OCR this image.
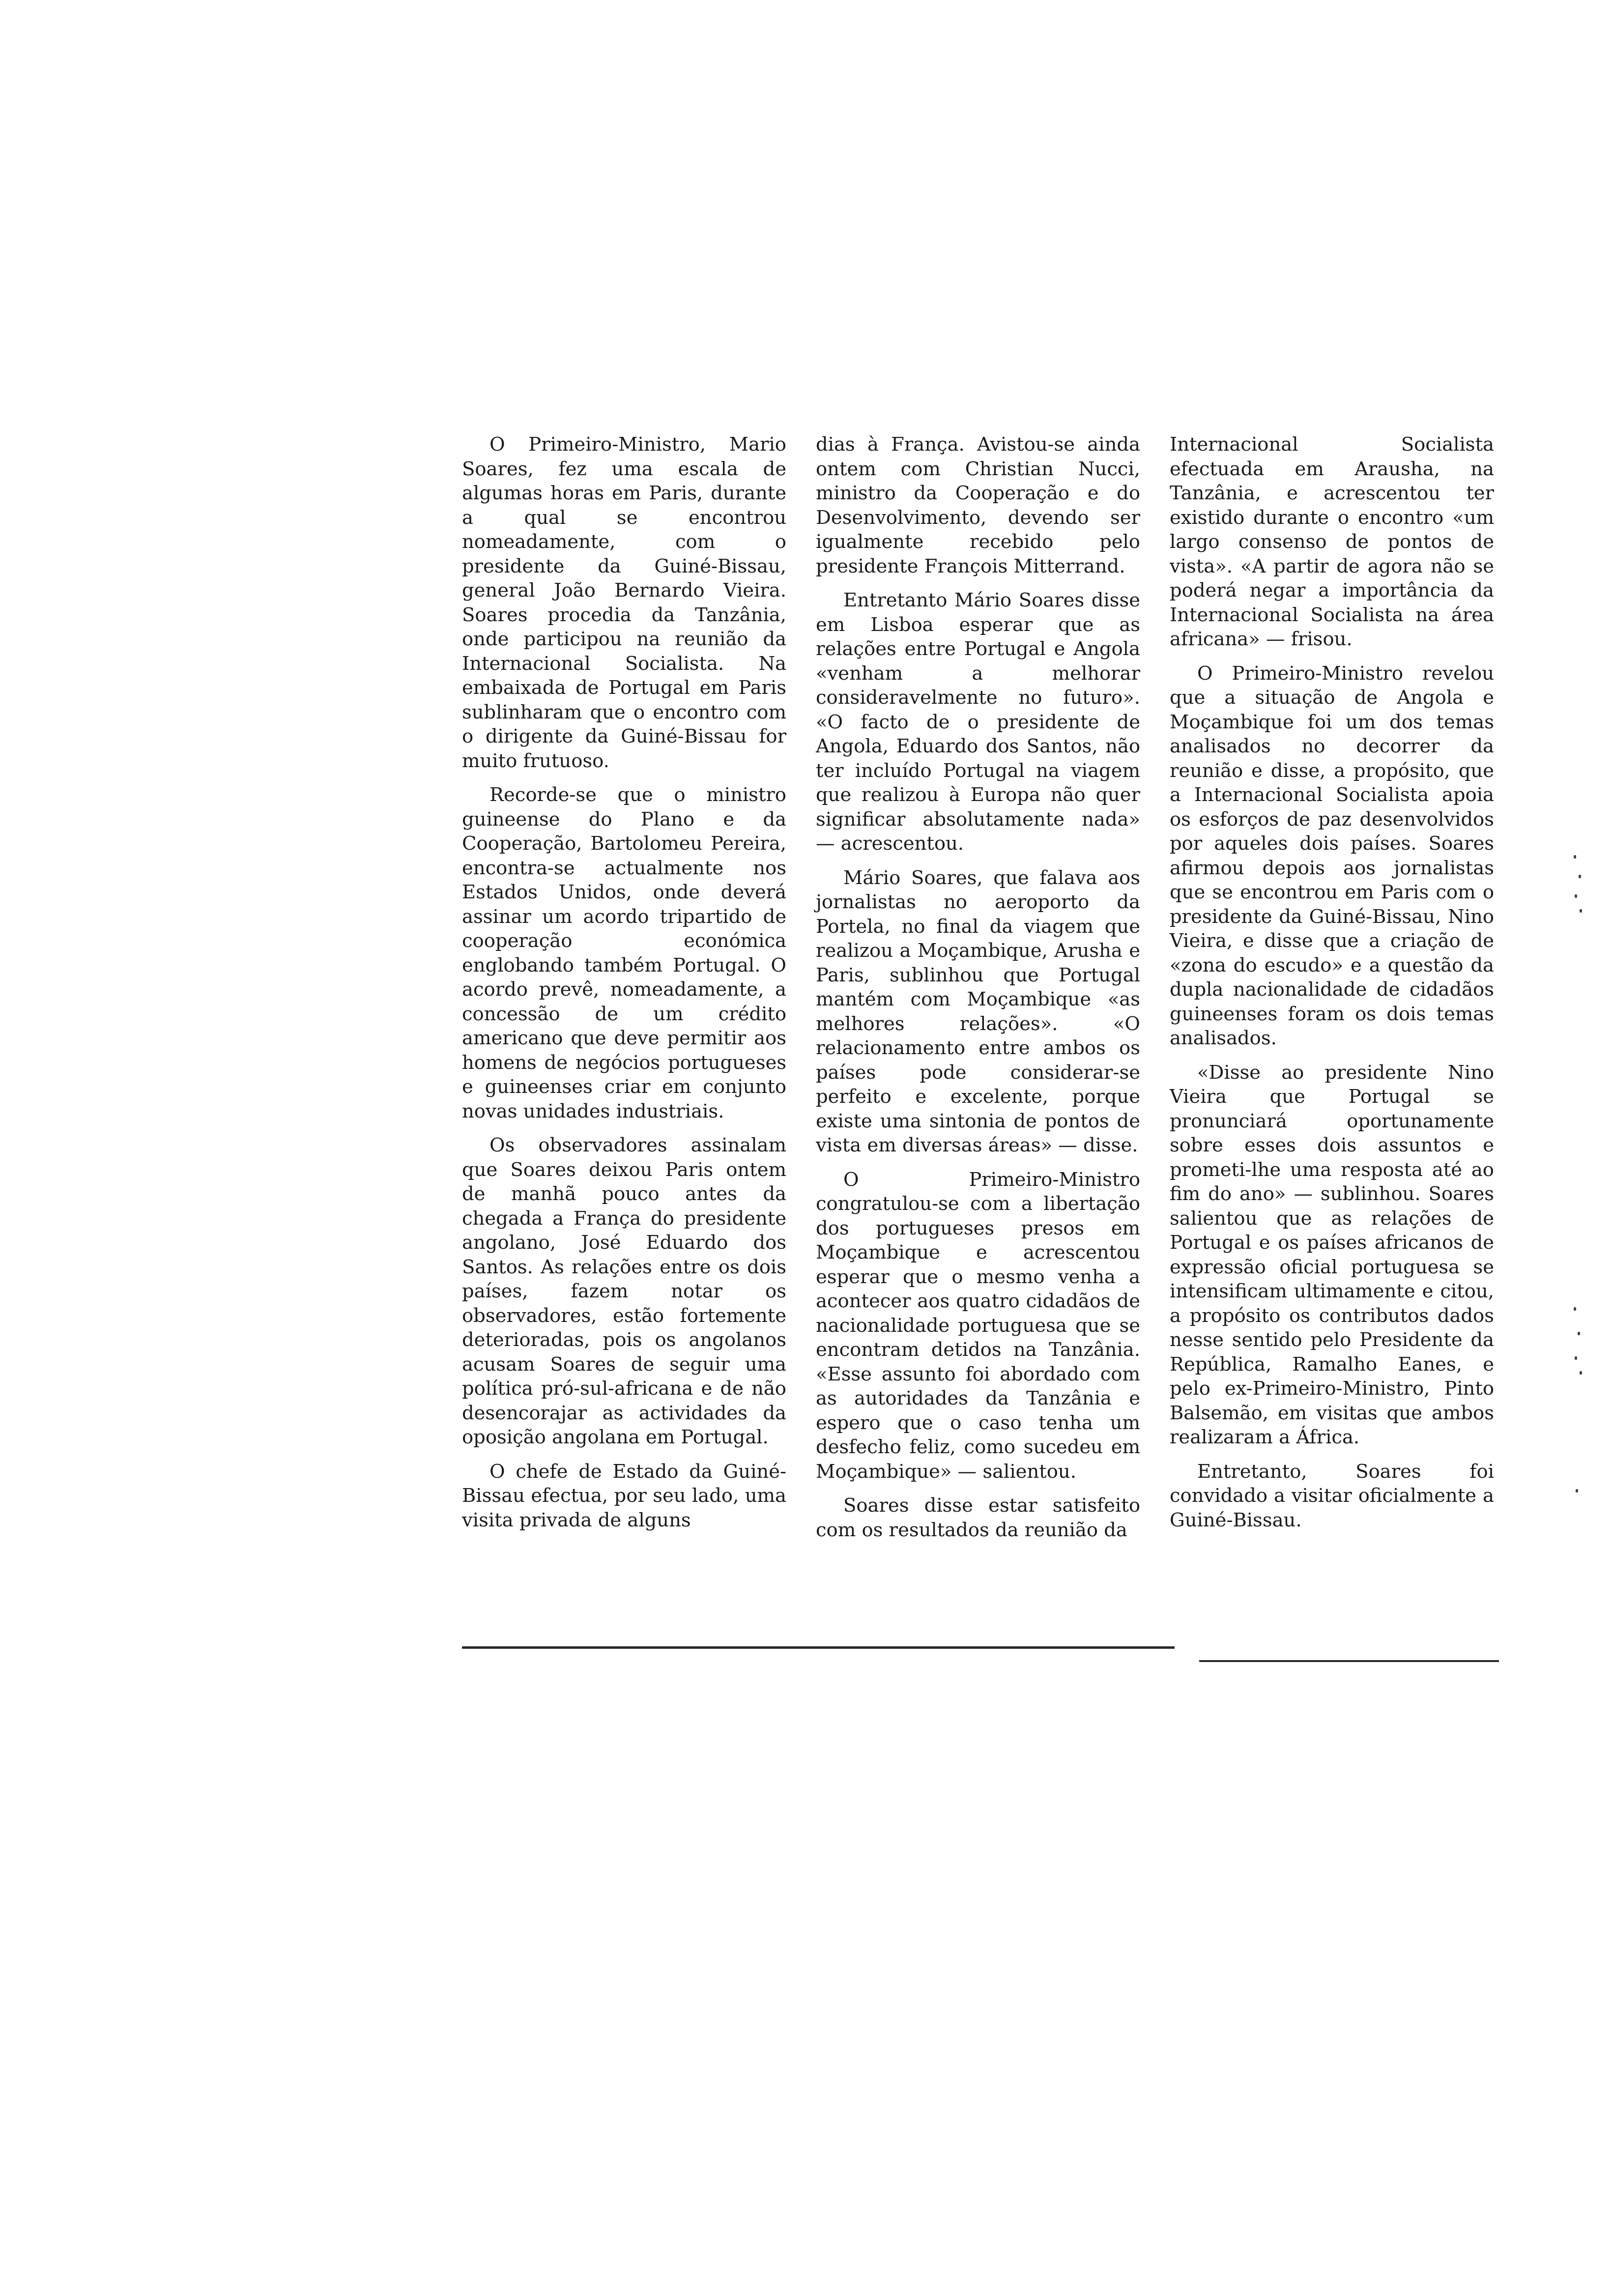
O Primeiro-Ministro, Mario Soares, fez uma escala de algumas horas em Paris, durante a qual se encontrou nomeadamente, com o presidente da Guiné-Bissau, general João Bernardo Vieira. Soares procedia da Tanzânia, onde participou na reunião da Internacional Socialista. Na embaixada de Portugal em Paris sublinharam que o encontro com o dirigente da Guiné-Bissau for muito frutuoso.

Recorde-se que o ministro guineense do Plano e da Cooperação, Bartolomeu Pereira, encontra-se actualmente nos Estados Unidos, onde deverá assinar um acordo tripartido de cooperação económica englobando também Portugal. O acordo prevê, nomeadamente, a concessão de um crédito americano que deve permitir aos homens de negócios portugueses e guineenses criar em conjunto novas unidades industriais.

Os observadores assinalam que Soares deixou Paris ontem de manhã pouco antes da chegada a França do presidente angolano, José Eduardo dos Santos. As relações entre os dois países, fazem notar os observadores, estão fortemente deterioradas, pois os angolanos acusam Soares de seguir uma política pró-sul-africana e de não desencorajar as actividades da oposição angolana em Portugal.

O chefe de Estado da Guiné-Bissau efectua, por seu lado, uma visita privada de alguns

dias à França. Avistou-se ainda ontem com Christian Nucci, ministro da Cooperação e do Desenvolvimento, devendo ser igualmente recebido pelo presidente François Mitterrand.

Entretanto Mário Soares disse em Lisboa esperar que as relações entre Portugal e Angola «venham a melhorar consideravelmente no futuro». «O facto de o presidente de Angola, Eduardo dos Santos, não ter incluído Portugal na viagem que realizou à Europa não quer significar absolutamente nada» — acrescentou.

Mário Soares, que falava aos jornalistas no aeroporto da Portela, no final da viagem que realizou a Moçambique, Arusha e Paris, sublinhou que Portugal mantém com Moçambique «as melhores relações». «O relacionamento entre ambos os países pode considerar-se perfeito e excelente, porque existe uma sintonia de pontos de vista em diversas áreas» — disse.

O Primeiro-Ministro congratulou-se com a libertação dos portugueses presos em Moçambique e acrescentou esperar que o mesmo venha a acontecer aos quatro cidadãos de nacionalidade portuguesa que se encontram detidos na Tanzânia. «Esse assunto foi abordado com as autoridades da Tanzânia e espero que o caso tenha um desfecho feliz, como sucedeu em Moçambique» — salientou.

Soares disse estar satisfeito com os resultados da reunião da

Internacional Socialista efectuada em Arausha, na Tanzânia, e acrescentou ter existido durante o encontro «um largo consenso de pontos de vista». «A partir de agora não se poderá negar a importância da Internacional Socialista na área africana» — frisou.

O Primeiro-Ministro revelou que a situação de Angola e Moçambique foi um dos temas analisados no decorrer da reunião e disse, a propósito, que a Internacional Socialista apoia os esforços de paz desenvolvidos por aqueles dois países. Soares afirmou depois aos jornalistas que se encontrou em Paris com o presidente da Guiné-Bissau, Nino Vieira, e disse que a criação de «zona do escudo» e a questão da dupla nacionalidade de cidadãos guineenses foram os dois temas analisados.

«Disse ao presidente Nino Vieira que Portugal se pronunciará oportunamente sobre esses dois assuntos e prometi-lhe uma resposta até ao fim do ano» — sublinhou. Soares salientou que as relações de Portugal e os países africanos de expressão oficial portuguesa se intensificam ultimamente e citou, a propósito os contributos dados nesse sentido pelo Presidente da República, Ramalho Eanes, e pelo ex-Primeiro-Ministro, Pinto Balsemão, em visitas que ambos realizaram a África.

Entretanto, Soares foi convidado a visitar oficialmente a Guiné-Bissau.
